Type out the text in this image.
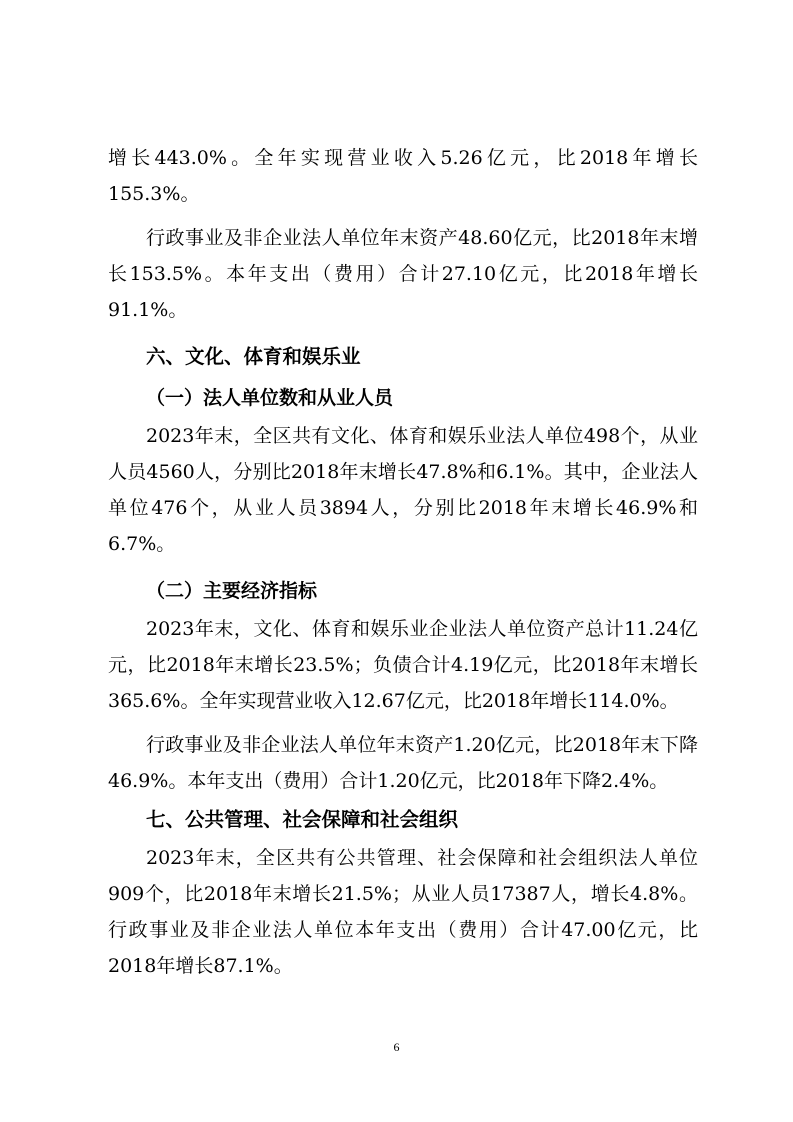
增长443.0%。全年实现营业收入5.26亿元，比2018年增长155.3%。

行政事业及非企业法人单位年末资产48.60亿元，比2018年末增长153.5%。本年支出（费用）合计27.10亿元，比2018年增长91.1%。

六、文化、体育和娱乐业
（一）法人单位数和从业人员

2023年末，全区共有文化、体育和娱乐业法人单位498个，从业人员4560人，分别比2018年末增长47.8%和6.1%。其中，企业法人单位476个，从业人员3894人，分别比2018年末增长46.9%和6.7%。

（二）主要经济指标

2023年末，文化、体育和娱乐业企业法人单位资产总计11.24亿元，比2018年末增长23.5%；负债合计4.19亿元，比2018年末增长365.6%。全年实现营业收入12.67亿元，比2018年增长114.0%。

行政事业及非企业法人单位年末资产1.20亿元，比2018年末下降46.9%。本年支出（费用）合计1.20亿元，比2018年下降2.4%。

七、公共管理、社会保障和社会组织

2023年末，全区共有公共管理、社会保障和社会组织法人单位909个，比2018年末增长21.5%；从业人员17387人，增长4.8%。行政事业及非企业法人单位本年支出（费用）合计47.00亿元，比2018年增长87.1%。

6
